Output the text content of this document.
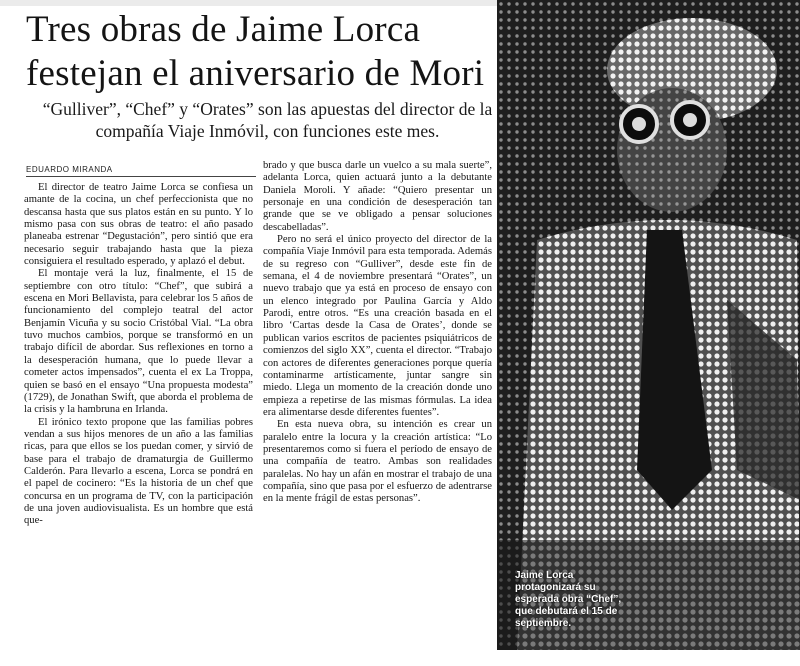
Tres obras de Jaime Lorca
festejan el aniversario de Mori
“Gulliver”, “Chef” y “Orates” son las apuestas del director de la compañía Viaje Inmóvil, con funciones este mes.
EDUARDO MIRANDA

El director de teatro Jaime Lorca se confiesa un amante de la cocina, un chef perfeccionista que no descansa hasta que sus platos están en su punto. Y lo mismo pasa con sus obras de teatro: el año pasado planeaba estrenar “Degustación”, pero sintió que era necesario seguir trabajando hasta que la pieza consiguiera el resultado esperado, y aplazó el debut.

El montaje verá la luz, finalmente, el 15 de septiembre con otro título: “Chef”, que subirá a escena en Mori Bellavista, para celebrar los 5 años de funcionamiento del complejo teatral del actor Benjamín Vicuña y su socio Cristóbal Vial. “La obra tuvo muchos cambios, porque se transformó en un trabajo difícil de abordar. Sus reflexiones en torno a la desesperación humana, que lo puede llevar a cometer actos impensados”, cuenta el ex La Troppa, quien se basó en el ensayo “Una propuesta modesta” (1729), de Jonathan Swift, que aborda el problema de la crisis y la hambruna en Irlanda.

El irónico texto propone que las familias pobres vendan a sus hijos menores de un año a las familias ricas, para que ellos se los puedan comer, y sirvió de base para el trabajo de dramaturgia de Guillermo Calderón. Para llevarlo a escena, Lorca se pondrá en el papel de cocinero: “Es la historia de un chef que concursa en un programa de TV, con la participación de una joven audiovisualista. Es un hombre que está que-

brado y que busca darle un vuelco a su mala suerte”, adelanta Lorca, quien actuará junto a la debutante Daniela Moroli. Y añade: “Quiero presentar un personaje en una condición de desesperación tan grande que se ve obligado a pensar soluciones descabelladas”.

Pero no será el único proyecto del director de la compañía Viaje Inmóvil para esta temporada. Además de su regreso con “Gulliver”, desde este fin de semana, el 4 de noviembre presentará “Orates”, un nuevo trabajo que ya está en proceso de ensayo con un elenco integrado por Paulina García y Aldo Parodi, entre otros. “Es una creación basada en el libro ‘Cartas desde la Casa de Orates’, donde se publican varios escritos de pacientes psiquiátricos de comienzos del siglo XX”, cuenta el director. “Trabajo con actores de diferentes generaciones porque quería contaminarme artísticamente, juntar sangre sin miedo. Llega un momento de la creación donde uno empieza a repetirse de las mismas fórmulas. La idea era alimentarse desde diferentes fuentes”.

En esta nueva obra, su intención es crear un paralelo entre la locura y la creación artística: “Lo presentaremos como si fuera el período de ensayo de una compañía de teatro. Ambas son realidades paralelas. No hay un afán en mostrar el trabajo de una compañía, sino que pasa por el esfuerzo de adentrarse en la mente frágil de estas personas”.

Jaime Lorca protagonizará su esperada obra “Chef”, que debutará el 15 de septiembre.
